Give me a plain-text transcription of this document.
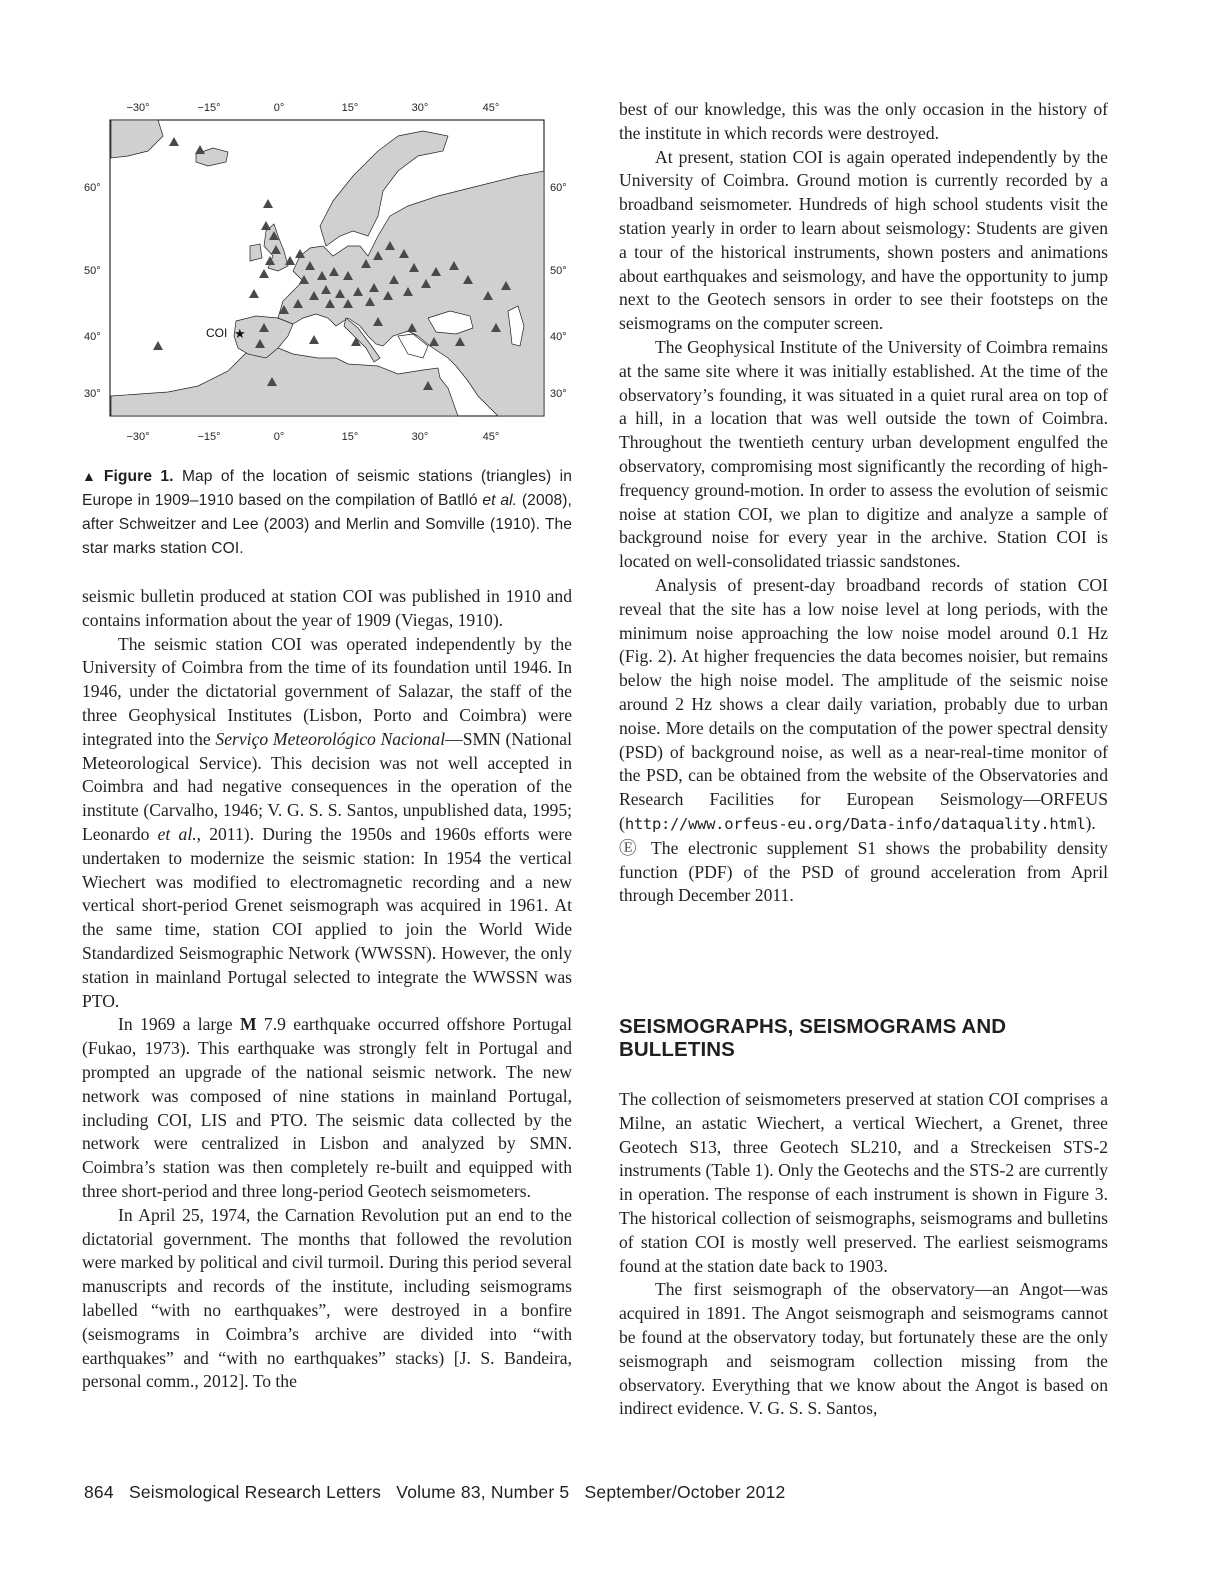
−30°	−15°	0°	15°	30°	45°
−30°	−15°	0°	15°	30°	45°
60°
50°
40°
30°
60°
50°
40°
30°
★
COI
▲ Figure 1. Map of the location of seismic stations (triangles) in Europe in 1909–1910 based on the compilation of Batlló et al. (2008), after Schweitzer and Lee (2003) and Merlin and Somville (1910). The star marks station COI.

seismic bulletin produced at station COI was published in 1910 and contains information about the year of 1909 (Viegas, 1910).

The seismic station COI was operated independently by the University of Coimbra from the time of its foundation until 1946. In 1946, under the dictatorial government of Salazar, the staff of the three Geophysical Institutes (Lisbon, Porto and Coimbra) were integrated into the Serviço Meteorológico Nacional—SMN (National Meteorological Service). This decision was not well accepted in Coimbra and had negative consequences in the operation of the institute (Carvalho, 1946; V. G. S. S. Santos, unpublished data, 1995; Leonardo et al., 2011). During the 1950s and 1960s efforts were undertaken to modernize the seismic station: In 1954 the vertical Wiechert was modified to electromagnetic recording and a new vertical short-period Grenet seismograph was acquired in 1961. At the same time, station COI applied to join the World Wide Standardized Seismographic Network (WWSSN). However, the only station in mainland Portugal selected to integrate the WWSSN was PTO.

In 1969 a large M 7.9 earthquake occurred offshore Portugal (Fukao, 1973). This earthquake was strongly felt in Portugal and prompted an upgrade of the national seismic network. The new network was composed of nine stations in mainland Portugal, including COI, LIS and PTO. The seismic data collected by the network were centralized in Lisbon and analyzed by SMN. Coimbra’s station was then completely re-built and equipped with three short-period and three long-period Geotech seismometers.

In April 25, 1974, the Carnation Revolution put an end to the dictatorial government. The months that followed the revolution were marked by political and civil turmoil. During this period several manuscripts and records of the institute, including seismograms labelled “with no earthquakes”, were destroyed in a bonfire (seismograms in Coimbra’s archive are divided into “with earthquakes” and “with no earthquakes” stacks) [J. S. Bandeira, personal comm., 2012]. To the

best of our knowledge, this was the only occasion in the history of the institute in which records were destroyed.

At present, station COI is again operated independently by the University of Coimbra. Ground motion is currently recorded by a broadband seismometer. Hundreds of high school students visit the station yearly in order to learn about seismology: Students are given a tour of the historical instruments, shown posters and animations about earthquakes and seismology, and have the opportunity to jump next to the Geotech sensors in order to see their footsteps on the seismograms on the computer screen.

The Geophysical Institute of the University of Coimbra remains at the same site where it was initially established. At the time of the observatory’s founding, it was situated in a quiet rural area on top of a hill, in a location that was well outside the town of Coimbra. Throughout the twentieth century urban development engulfed the observatory, compromising most significantly the recording of high-frequency ground-motion. In order to assess the evolution of seismic noise at station COI, we plan to digitize and analyze a sample of background noise for every year in the archive. Station COI is located on well-consolidated triassic sandstones.

Analysis of present-day broadband records of station COI reveal that the site has a low noise level at long periods, with the minimum noise approaching the low noise model around 0.1 Hz (Fig. 2). At higher frequencies the data becomes noisier, but remains below the high noise model. The amplitude of the seismic noise around 2 Hz shows a clear daily variation, probably due to urban noise. More details on the computation of the power spectral density (PSD) of background noise, as well as a near-real-time monitor of the PSD, can be obtained from the website of the Observatories and Research Facilities for European Seismology—ORFEUS (http://www.orfeus-eu.org/Data-info/dataquality.html). Ⓔ The electronic supplement S1 shows the probability density function (PDF) of the PSD of ground acceleration from April through December 2011.

SEISMOGRAPHS, SEISMOGRAMS AND BULLETINS

The collection of seismometers preserved at station COI comprises a Milne, an astatic Wiechert, a vertical Wiechert, a Grenet, three Geotech S13, three Geotech SL210, and a Streckeisen STS-2 instruments (Table 1). Only the Geotechs and the STS-2 are currently in operation. The response of each instrument is shown in Figure 3. The historical collection of seismographs, seismograms and bulletins of station COI is mostly well preserved. The earliest seismograms found at the station date back to 1903.

The first seismograph of the observatory—an Angot—was acquired in 1891. The Angot seismograph and seismograms cannot be found at the observatory today, but fortunately these are the only seismograph and seismogram collection missing from the observatory. Everything that we know about the Angot is based on indirect evidence. V. G. S. S. Santos,

864 Seismological Research Letters Volume 83, Number 5 September/October 2012
